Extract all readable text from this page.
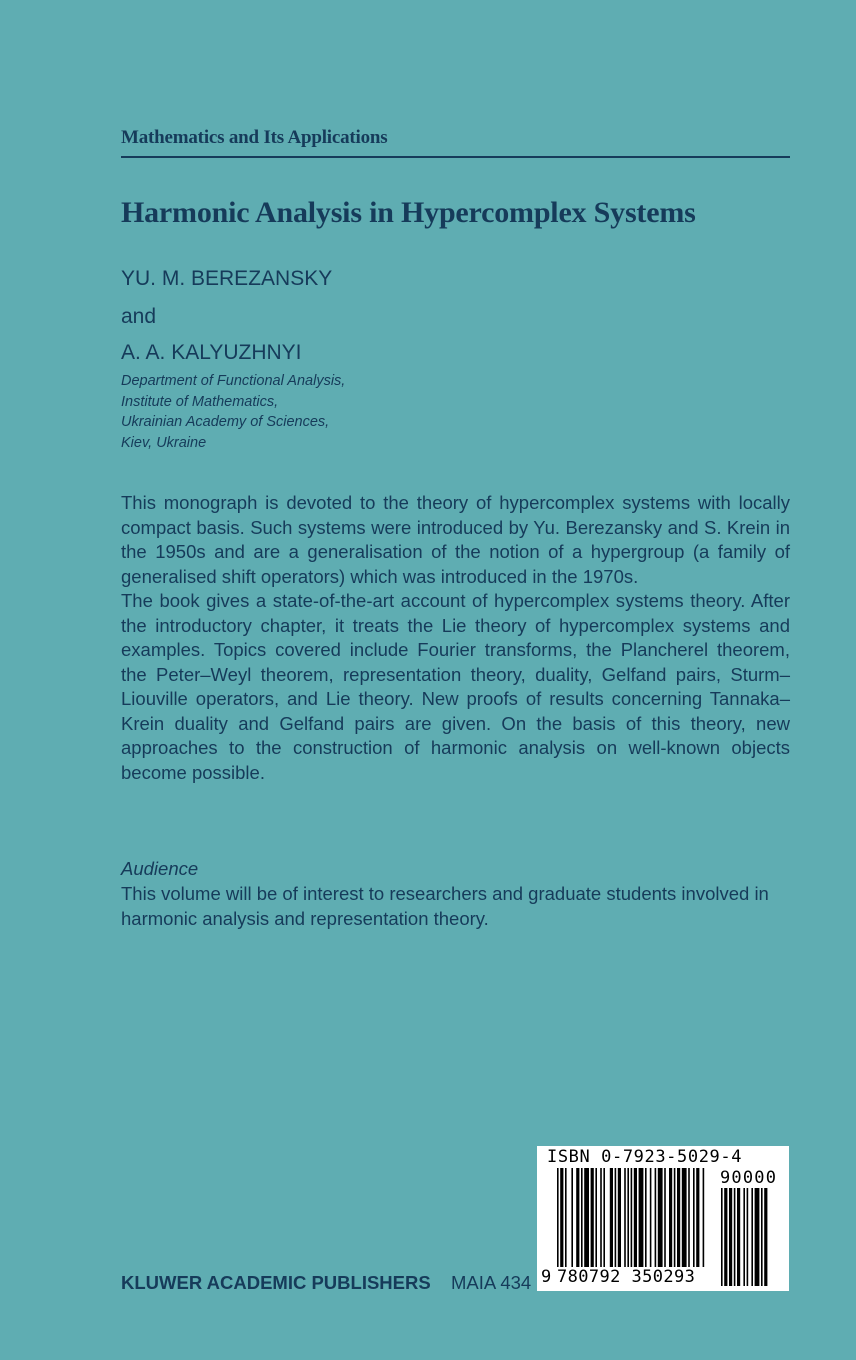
Mathematics and Its Applications
Harmonic Analysis in Hypercomplex Systems
YU. M. BEREZANSKY
and
A. A. KALYUZHNYI
Department of Functional Analysis,
Institute of Mathematics,
Ukrainian Academy of Sciences,
Kiev, Ukraine

This monograph is devoted to the theory of hypercomplex systems with locally compact basis. Such systems were introduced by Yu. Berezansky and S. Krein in the 1950s and are a generalisation of the notion of a hypergroup (a family of generalised shift operators) which was introduced in the 1970s.

The book gives a state-of-the-art account of hypercomplex systems theory. After the introductory chapter, it treats the Lie theory of hypercomplex systems and examples. Topics covered include Fourier transforms, the Plancherel theorem, the Peter–Weyl theorem, representation theory, duality, Gelfand pairs, Sturm–Liouville operators, and Lie theory. New proofs of results concerning Tannaka–Krein duality and Gelfand pairs are given. On the basis of this theory, new approaches to the construction of harmonic analysis on well-known objects become possible.

Audience
This volume will be of interest to researchers and graduate students involved in harmonic analysis and representation theory.
KLUWER ACADEMIC PUBLISHERS MAIA 434
ISBN 0-7923-5029-4
90000
9 780792 350293
